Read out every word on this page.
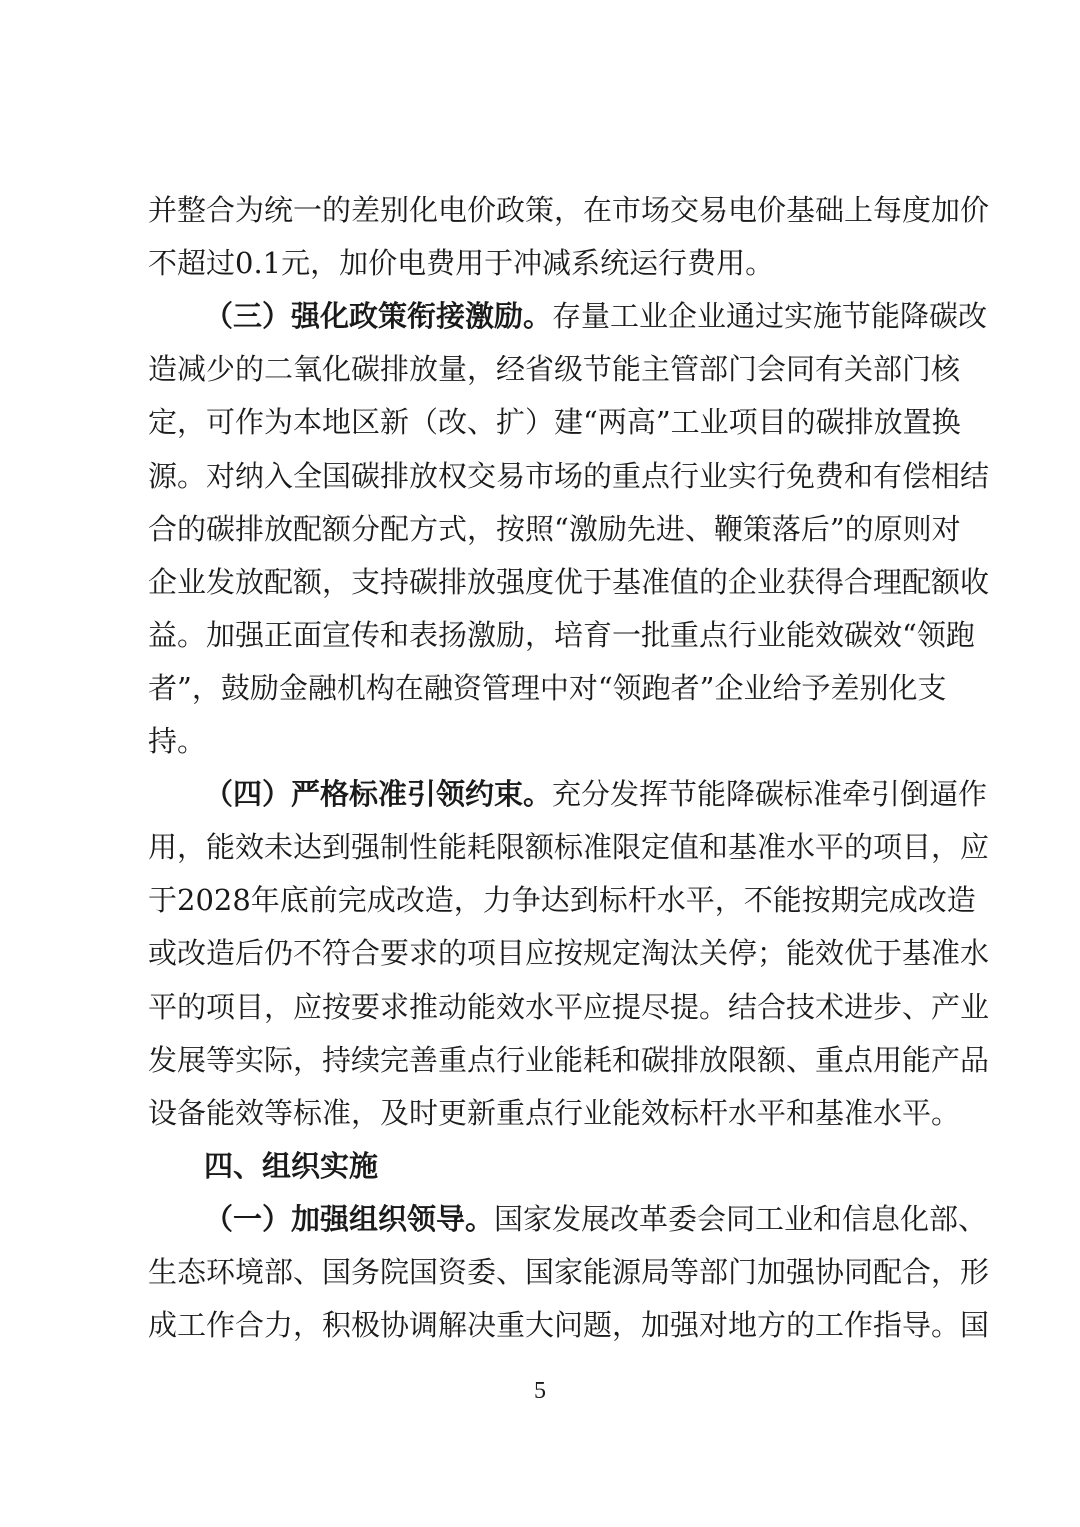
并整合为统一的差别化电价政策，在市场交易电价基础上每度加价
不超过0.1元，加价电费用于冲减系统运行费用。
（三）强化政策衔接激励。存量工业企业通过实施节能降碳改
造减少的二氧化碳排放量，经省级节能主管部门会同有关部门核
定，可作为本地区新（改、扩）建“两高”工业项目的碳排放置换
源。对纳入全国碳排放权交易市场的重点行业实行免费和有偿相结
合的碳排放配额分配方式，按照“激励先进、鞭策落后”的原则对
企业发放配额，支持碳排放强度优于基准值的企业获得合理配额收
益。加强正面宣传和表扬激励，培育一批重点行业能效碳效“领跑
者”，鼓励金融机构在融资管理中对“领跑者”企业给予差别化支
持。
（四）严格标准引领约束。充分发挥节能降碳标准牵引倒逼作
用，能效未达到强制性能耗限额标准限定值和基准水平的项目，应
于2028年底前完成改造，力争达到标杆水平，不能按期完成改造
或改造后仍不符合要求的项目应按规定淘汰关停；能效优于基准水
平的项目，应按要求推动能效水平应提尽提。结合技术进步、产业
发展等实际，持续完善重点行业能耗和碳排放限额、重点用能产品
设备能效等标准，及时更新重点行业能效标杆水平和基准水平。
四、组织实施
（一）加强组织领导。国家发展改革委会同工业和信息化部、
生态环境部、国务院国资委、国家能源局等部门加强协同配合，形
成工作合力，积极协调解决重大问题，加强对地方的工作指导。国
5
